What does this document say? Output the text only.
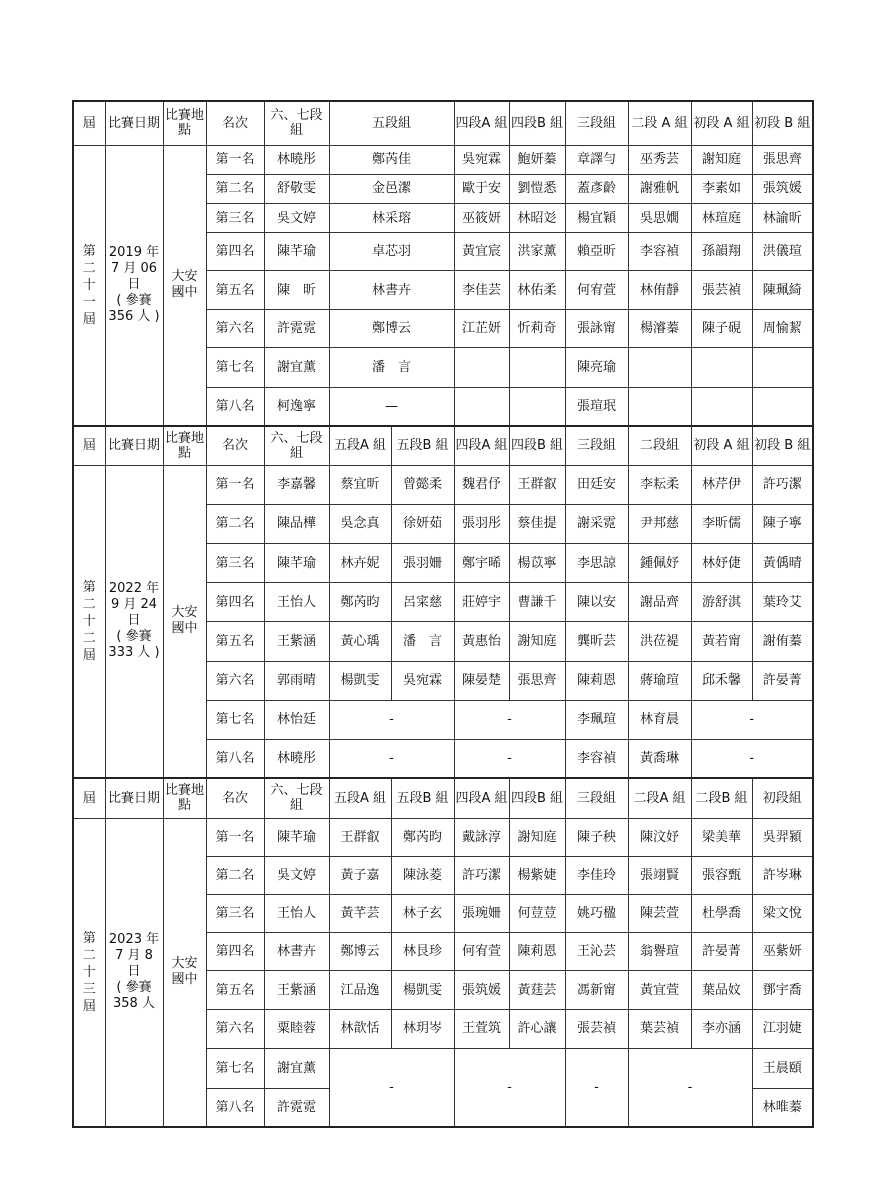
屆	比賽日期	比賽地點	名次	六、七段組	五段組		四段A 組	四段B 組	三段組	二段 A 組	初段 A 組	初段 B 組
第二十一屆	2019 年
7 月 06
日
( 參賽
356 人 )	大安
國中	第一名	林曉彤	鄭芮佳		吳宛霖	鮑妍蓁	章譯勻	巫秀芸	謝知庭	張思齊
			第二名	舒敬雯	金邑潔		歐于安	劉愷悉	蓋彥齡	謝雅帆	李素如	張筑媛
			第三名	吳文婷	林采瑢		巫筱妍	林昭彣	楊宜穎	吳思嫺	林瑄庭	林諭昕
			第四名	陳芊瑜	卓芯羽		黃宜宸	洪家薰	賴亞昕	李容禎	孫韻翔	洪儀瑄
			第五名	陳　昕	林書卉		李佳芸	林佑柔	何宥萱	林侑靜	張芸禎	陳珮綺
			第六名	許霓霓	鄭博云		江芷妍	忻莉奇	張詠甯	楊濬蓁	陳子硯	周愉絜
			第七名	謝宜薰	潘　言				陳亮瑜			
			第八名	柯逸寧	—				張瑄珉			
屆	比賽日期	比賽地點	名次	六、七段組	五段A 組	五段B 組	四段A 組	四段B 組	三段組	二段組	初段 A 組	初段 B 組
第二十二屆	2022 年
9 月 24
日
( 參賽
333 人 )	大安
國中	第一名	李嘉馨	蔡宜昕	曾懿柔	魏君伃	王群叡	田廷安	李耘柔	林芹伊	許巧潔
			第二名	陳品樺	吳念真	徐妍茹	張羽彤	蔡佳提	謝采霓	尹邦慈	李昕儒	陳子寧
			第三名	陳芊瑜	林卉妮	張羽姍	鄭宇晞	楊苡寧	李思諒	鍾佩妤	林妤倢	黃偊晴
			第四名	王怡人	鄭芮昀	呂寀慈	莊婷宇	曹謙千	陳以安	謝品齊	游舒淇	葉玲艾
			第五名	王紫涵	黃心瑀	潘　言	黃惠怡	謝知庭	龔昕芸	洪莅褆	黃若甯	謝侑蓁
			第六名	郭雨晴	楊凱雯	吳宛霖	陳晏楚	張思齊	陳莉恩	蔣瑜瑄	邱禾馨	許晏菁
			第七名	林怡廷	-		-		李珮瑄	林育晨	-	
			第八名	林曉彤	-		-		李容禎	黃喬琳	-	
屆	比賽日期	比賽地點	名次	六、七段組	五段A 組	五段B 組	四段A 組	四段B 組	三段組	二段A 組	二段B 組	初段組
第二十三屆	2023 年
7 月 8
日
( 參賽
358 人	大安
國中	第一名	陳芊瑜	王群叡	鄭芮昀	戴詠淳	謝知庭	陳子秧	陳汶妤	梁美華	吳羿潁
			第二名	吳文婷	黃子嘉	陳泳菱	許巧潔	楊紫婕	李佳玲	張翊賢	張容甄	許岑琳
			第三名	王怡人	黃芊芸	林子玄	張琬姍	何荳荳	姚巧楹	陳芸萱	杜學喬	梁文悅
			第四名	林書卉	鄭博云	林艮珍	何宥萱	陳莉恩	王沁芸	翁譽瑄	許晏菁	巫紫妍
			第五名	王紫涵	江品逸	楊凱雯	張筑媛	黃莛芸	馮新甯	黃宜萱	葉品妏	鄧宇喬
			第六名	粟睦蓉	林歆恬	林玥岑	王萓筑	許心讓	張芸禎	葉芸禎	李亦涵	江羽婕
			第七名	謝宜薰	-		-		-	-		王晨頤
			第八名	許霓霓								林唯蓁
